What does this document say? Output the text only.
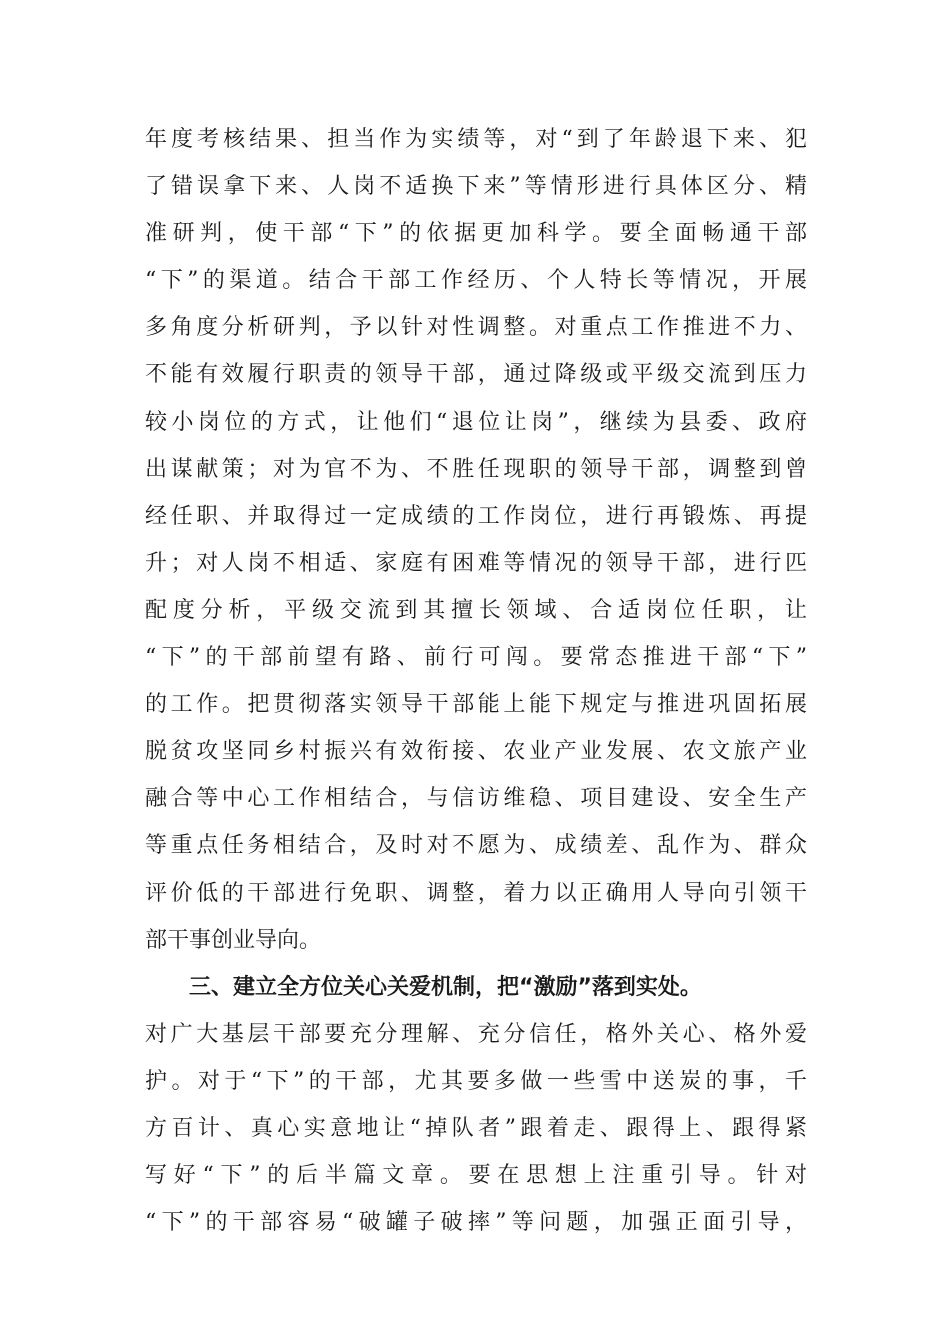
年度考核结果、担当作为实绩等，对“到了年龄退下来、犯
了错误拿下来、人岗不适换下来”等情形进行具体区分、精
准研判，使干部“下”的依据更加科学。要全面畅通干部
“下”的渠道。结合干部工作经历、个人特长等情况，开展
多角度分析研判，予以针对性调整。对重点工作推进不力、
不能有效履行职责的领导干部，通过降级或平级交流到压力
较小岗位的方式，让他们“退位让岗”，继续为县委、政府
出谋献策；对为官不为、不胜任现职的领导干部，调整到曾
经任职、并取得过一定成绩的工作岗位，进行再锻炼、再提
升；对人岗不相适、家庭有困难等情况的领导干部，进行匹
配度分析，平级交流到其擅长领域、合适岗位任职，让
“下”的干部前望有路、前行可闯。要常态推进干部“下”
的工作。把贯彻落实领导干部能上能下规定与推进巩固拓展
脱贫攻坚同乡村振兴有效衔接、农业产业发展、农文旅产业
融合等中心工作相结合，与信访维稳、项目建设、安全生产
等重点任务相结合，及时对不愿为、成绩差、乱作为、群众
评价低的干部进行免职、调整，着力以正确用人导向引领干
部干事创业导向。
三、建立全方位关心关爱机制，把“激励”落到实处。
对广大基层干部要充分理解、充分信任，格外关心、格外爱
护。对于“下”的干部，尤其要多做一些雪中送炭的事，千
方百计、真心实意地让“掉队者”跟着走、跟得上、跟得紧
写好“下”的后半篇文章。要在思想上注重引导。针对
“下”的干部容易“破罐子破摔”等问题，加强正面引导，
